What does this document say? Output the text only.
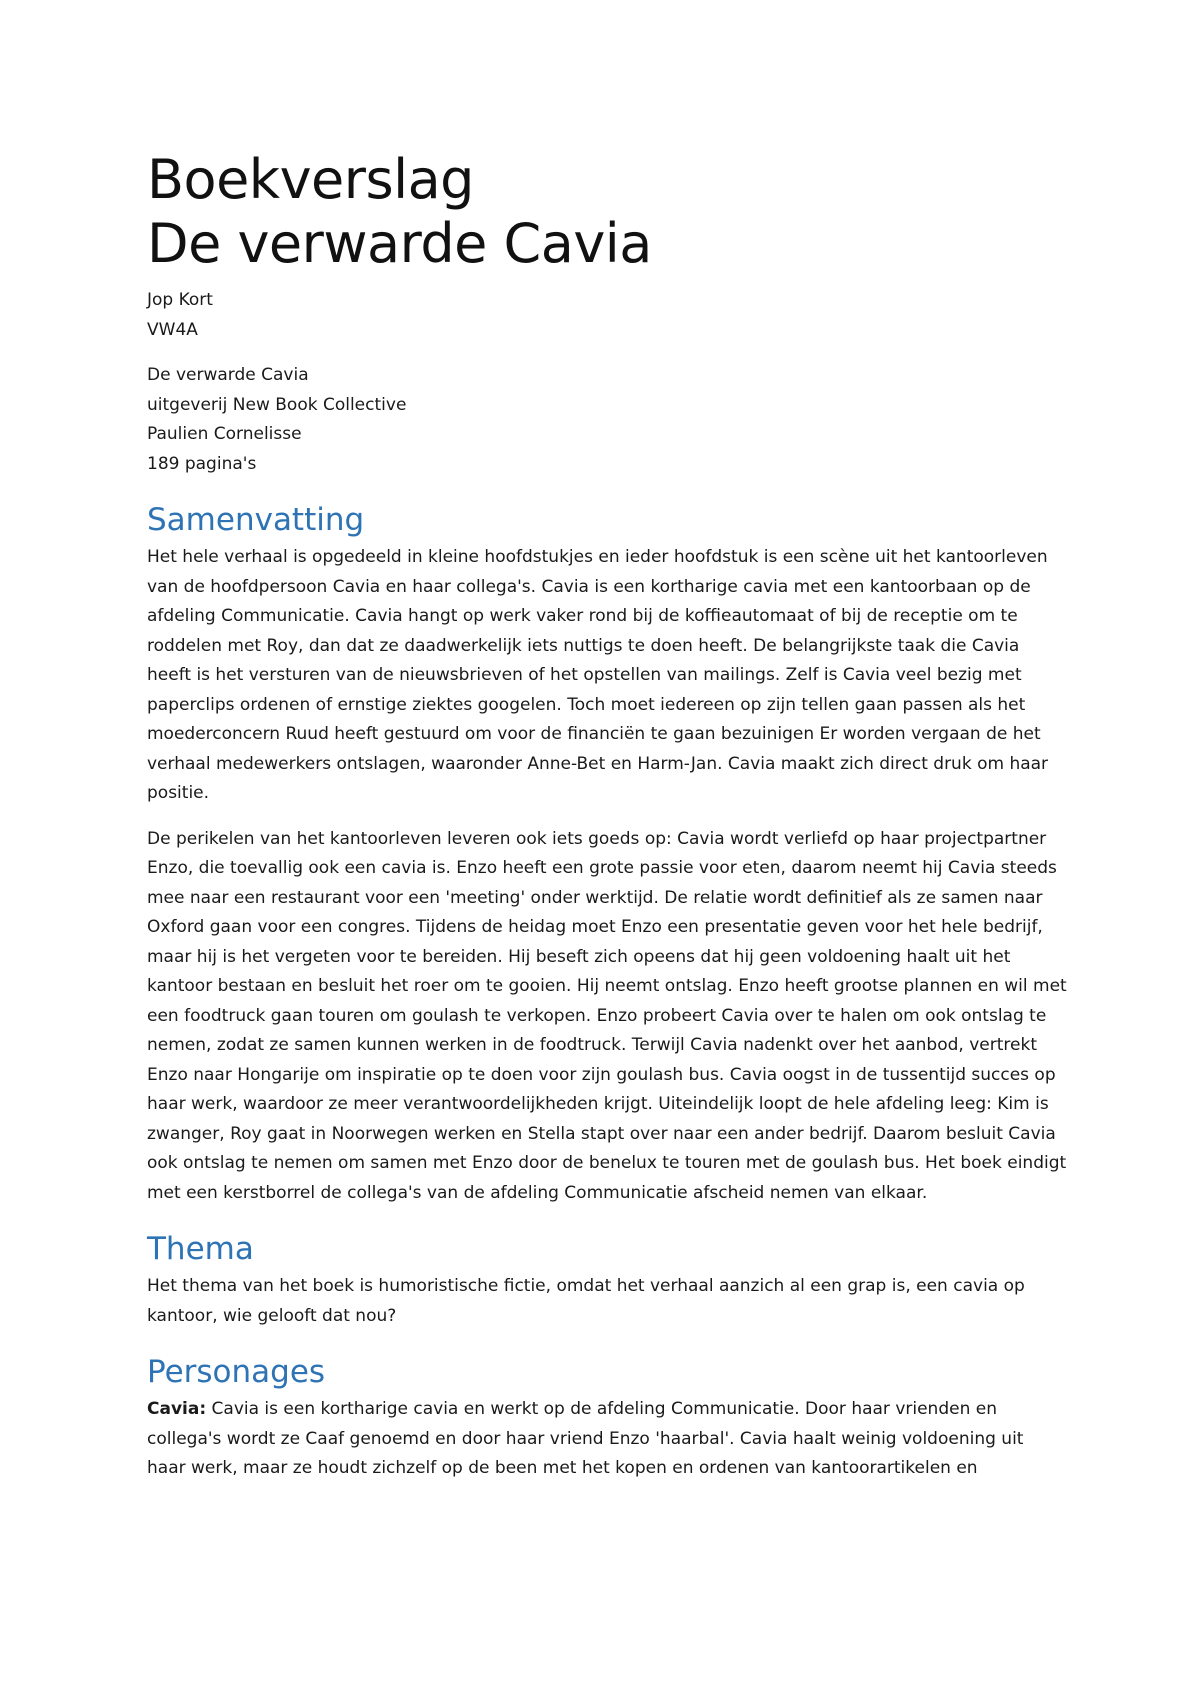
Boekverslag
De verwarde Cavia
Jop Kort
VW4A
De verwarde Cavia
uitgeverij New Book Collective
Paulien Cornelisse
189 pagina's
Samenvatting

Het hele verhaal is opgedeeld in kleine hoofdstukjes en ieder hoofdstuk is een scène uit het kantoorleven van de hoofdpersoon Cavia en haar collega's. Cavia is een kortharige cavia met een kantoorbaan op de afdeling Communicatie. Cavia hangt op werk vaker rond bij de koffieautomaat of bij de receptie om te roddelen met Roy, dan dat ze daadwerkelijk iets nuttigs te doen heeft. De belangrijkste taak die Cavia heeft is het versturen van de nieuwsbrieven of het opstellen van mailings. Zelf is Cavia veel bezig met paperclips ordenen of ernstige ziektes googelen. Toch moet iedereen op zijn tellen gaan passen als het moederconcern Ruud heeft gestuurd om voor de financiën te gaan bezuinigen Er worden vergaan de het verhaal medewerkers ontslagen, waaronder Anne-Bet en Harm-Jan. Cavia maakt zich direct druk om haar positie.

De perikelen van het kantoorleven leveren ook iets goeds op: Cavia wordt verliefd op haar projectpartner Enzo, die toevallig ook een cavia is. Enzo heeft een grote passie voor eten, daarom neemt hij Cavia steeds mee naar een restaurant voor een 'meeting' onder werktijd. De relatie wordt definitief als ze samen naar Oxford gaan voor een congres. Tijdens de heidag moet Enzo een presentatie geven voor het hele bedrijf, maar hij is het vergeten voor te bereiden. Hij beseft zich opeens dat hij geen voldoening haalt uit het kantoor bestaan en besluit het roer om te gooien. Hij neemt ontslag. Enzo heeft grootse plannen en wil met een foodtruck gaan touren om goulash te verkopen. Enzo probeert Cavia over te halen om ook ontslag te nemen, zodat ze samen kunnen werken in de foodtruck. Terwijl Cavia nadenkt over het aanbod, vertrekt Enzo naar Hongarije om inspiratie op te doen voor zijn goulash bus. Cavia oogst in de tussentijd succes op haar werk, waardoor ze meer verantwoordelijkheden krijgt. Uiteindelijk loopt de hele afdeling leeg: Kim is zwanger, Roy gaat in Noorwegen werken en Stella stapt over naar een ander bedrijf. Daarom besluit Cavia ook ontslag te nemen om samen met Enzo door de benelux te touren met de goulash bus. Het boek eindigt met een kerstborrel de collega's van de afdeling Communicatie afscheid nemen van elkaar.

Thema

Het thema van het boek is humoristische fictie, omdat het verhaal aanzich al een grap is, een cavia op kantoor, wie gelooft dat nou?

Personages

Cavia: Cavia is een kortharige cavia en werkt op de afdeling Communicatie. Door haar vrienden en collega's wordt ze Caaf genoemd en door haar vriend Enzo 'haarbal'. Cavia haalt weinig voldoening uit haar werk, maar ze houdt zichzelf op de been met het kopen en ordenen van kantoorartikelen en
